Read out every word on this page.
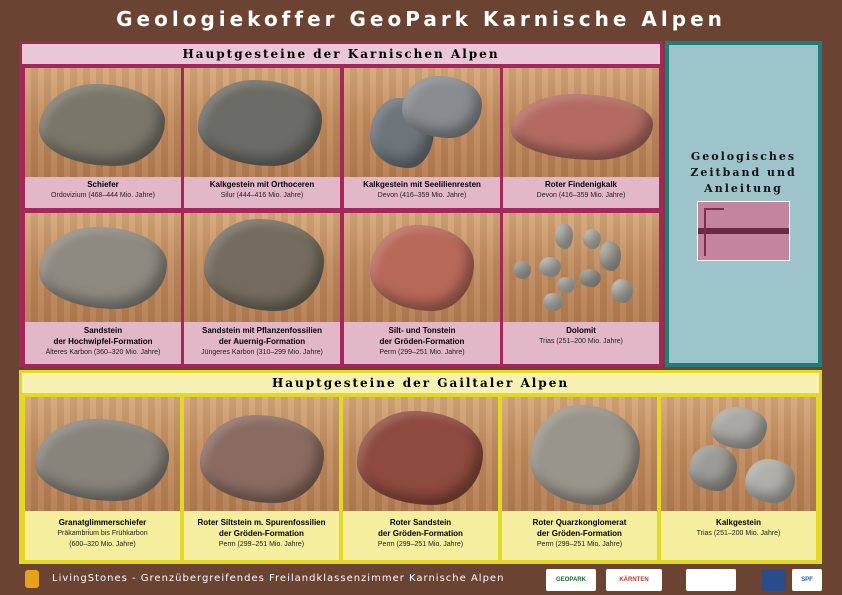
Geologiekoffer GeoPark Karnische Alpen
Hauptgesteine der Karnischen Alpen
Schiefer
Ordovizium (468–444 Mio. Jahre)
Kalkgestein mit Orthoceren
Silur (444–416 Mio. Jahre)
Kalkgestein mit Seelilienresten
Devon (416–359 Mio. Jahre)
Roter Findenigkalk
Devon (416–359 Mio. Jahre)
Sandstein
der Hochwipfel-Formation
Älteres Karbon (360–320 Mio. Jahre)
Sandstein mit Pflanzenfossilien
der Auernig-Formation
Jüngeres Karbon (310–299 Mio. Jahre)
Silt- und Tonstein
der Gröden-Formation
Perm (299–251 Mio. Jahre)
Dolomit
Trias (251–200 Mio. Jahre)
Geologisches
Zeitband und
Anleitung
Hauptgesteine der Gailtaler Alpen
Granatglimmerschiefer
Präkambrium bis Frühkarbon
(600–320 Mio. Jahre)
Roter Siltstein m. Spurenfossilien
der Gröden-Formation
Perm (299–251 Mio. Jahre)
Roter Sandstein
der Gröden-Formation
Perm (299–251 Mio. Jahre)
Roter Quarzkonglomerat
der Gröden-Formation
Perm (299–251 Mio. Jahre)
Kalkgestein
Trias (251–200 Mio. Jahre)
LivingStones - Grenzübergreifendes Freilandklassenzimmer Karnische Alpen	GEOPARK	KÄRNTEN	SPF
